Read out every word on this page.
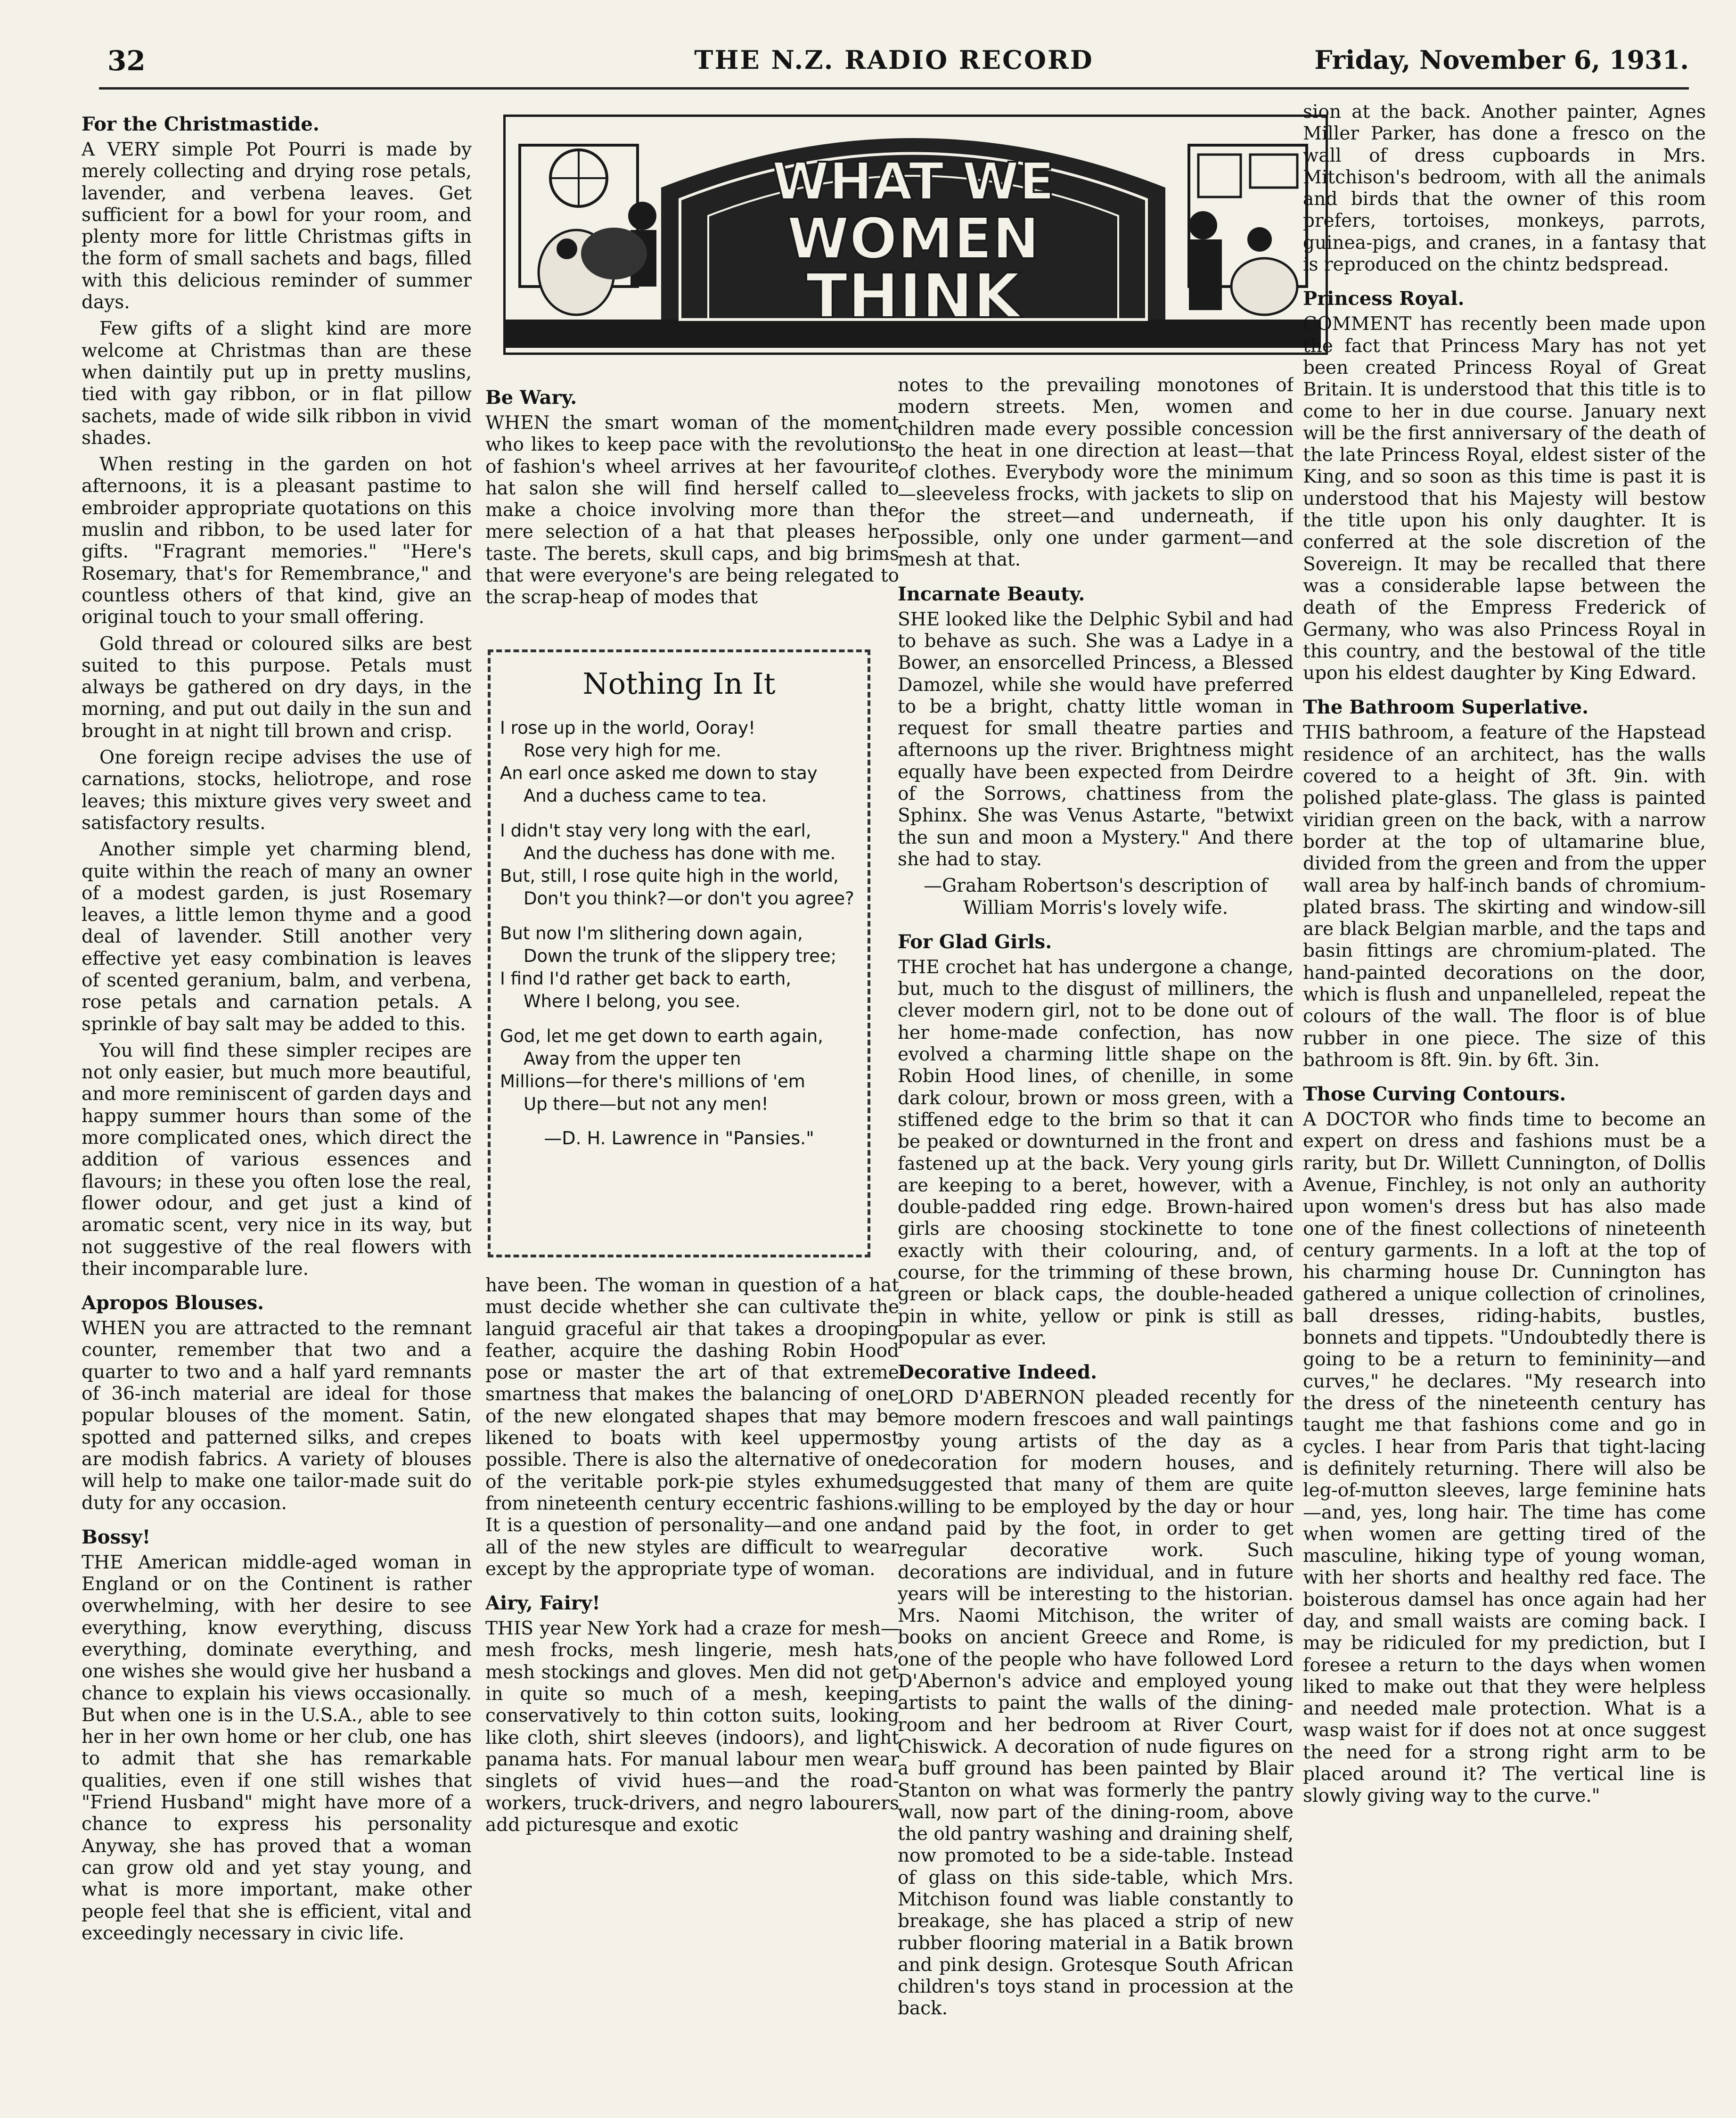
32	THE N.Z. RADIO RECORD	Friday, November 6, 1931.
WHAT WE
WOMEN
THINK
For the Christmastide.

A VERY simple Pot Pourri is made by merely collecting and drying rose petals, lavender, and verbena leaves. Get sufficient for a bowl for your room, and plenty more for little Christmas gifts in the form of small sachets and bags, filled with this delicious reminder of summer days.

Few gifts of a slight kind are more welcome at Christmas than are these when daintily put up in pretty muslins, tied with gay ribbon, or in flat pillow sachets, made of wide silk ribbon in vivid shades.

When resting in the garden on hot afternoons, it is a pleasant pastime to embroider appropriate quotations on this muslin and ribbon, to be used later for gifts. "Fragrant memories." "Here's Rosemary, that's for Remembrance," and countless others of that kind, give an original touch to your small offering.

Gold thread or coloured silks are best suited to this purpose. Petals must always be gathered on dry days, in the morning, and put out daily in the sun and brought in at night till brown and crisp.

One foreign recipe advises the use of carnations, stocks, heliotrope, and rose leaves; this mixture gives very sweet and satisfactory results.

Another simple yet charming blend, quite within the reach of many an owner of a modest garden, is just Rosemary leaves, a little lemon thyme and a good deal of lavender. Still another very effective yet easy combination is leaves of scented geranium, balm, and verbena, rose petals and carnation petals. A sprinkle of bay salt may be added to this.

You will find these simpler recipes are not only easier, but much more beautiful, and more reminiscent of garden days and happy summer hours than some of the more complicated ones, which direct the addition of various essences and flavours; in these you often lose the real, flower odour, and get just a kind of aromatic scent, very nice in its way, but not suggestive of the real flowers with their incomparable lure.

Apropos Blouses.

WHEN you are attracted to the remnant counter, remember that two and a quarter to two and a half yard remnants of 36-inch material are ideal for those popular blouses of the moment. Satin, spotted and patterned silks, and crepes are modish fabrics. A variety of blouses will help to make one tailor-made suit do duty for any occasion.

Bossy!

THE American middle-aged woman in England or on the Continent is rather overwhelming, with her desire to see everything, know everything, discuss everything, dominate everything, and one wishes she would give her husband a chance to explain his views occasionally. But when one is in the U.S.A., able to see her in her own home or her club, one has to admit that she has remarkable qualities, even if one still wishes that "Friend Husband" might have more of a chance to express his personality Anyway, she has proved that a woman can grow old and yet stay young, and what is more important, make other people feel that she is efficient, vital and exceedingly necessary in civic life.

Be Wary.

WHEN the smart woman of the moment who likes to keep pace with the revolutions of fashion's wheel arrives at her favourite hat salon she will find herself called to make a choice involving more than the mere selection of a hat that pleases her taste. The berets, skull caps, and big brims that were everyone's are being relegated to the scrap-heap of modes that

Nothing In It

I rose up in the world, Ooray!

Rose very high for me.

An earl once asked me down to stay

And a duchess came to tea.

I didn't stay very long with the earl,

And the duchess has done with me.

But, still, I rose quite high in the world,

Don't you think?—or don't you agree?

But now I'm slithering down again,

Down the trunk of the slippery tree;

I find I'd rather get back to earth,

Where I belong, you see.

God, let me get down to earth again,

Away from the upper ten

Millions—for there's millions of 'em

Up there—but not any men!

—D. H. Lawrence in "Pansies."

have been. The woman in question of a hat must decide whether she can cultivate the languid graceful air that takes a drooping feather, acquire the dashing Robin Hood pose or master the art of that extreme smartness that makes the balancing of one of the new elongated shapes that may be likened to boats with keel uppermost possible. There is also the alternative of one of the veritable pork-pie styles exhumed from nineteenth century eccentric fashions. It is a question of personality—and one and all of the new styles are difficult to wear except by the appropriate type of woman.

Airy, Fairy!

THIS year New York had a craze for mesh—mesh frocks, mesh lingerie, mesh hats, mesh stockings and gloves. Men did not get in quite so much of a mesh, keeping conservatively to thin cotton suits, looking like cloth, shirt sleeves (indoors), and light panama hats. For manual labour men wear singlets of vivid hues—and the road-workers, truck-drivers, and negro labourers add picturesque and exotic

notes to the prevailing monotones of modern streets. Men, women and children made every possible concession to the heat in one direction at least—that of clothes. Everybody wore the minimum—sleeveless frocks, with jackets to slip on for the street—and underneath, if possible, only one under garment—and mesh at that.

Incarnate Beauty.

SHE looked like the Delphic Sybil and had to behave as such. She was a Ladye in a Bower, an ensorcelled Princess, a Blessed Damozel, while she would have preferred to be a bright, chatty little woman in request for small theatre parties and afternoons up the river. Brightness might equally have been expected from Deirdre of the Sorrows, chattiness from the Sphinx. She was Venus Astarte, "betwixt the sun and moon a Mystery." And there she had to stay.

—Graham Robertson's description of William Morris's lovely wife.

For Glad Girls.

THE crochet hat has undergone a change, but, much to the disgust of milliners, the clever modern girl, not to be done out of her home-made confection, has now evolved a charming little shape on the Robin Hood lines, of chenille, in some dark colour, brown or moss green, with a stiffened edge to the brim so that it can be peaked or downturned in the front and fastened up at the back. Very young girls are keeping to a beret, however, with a double-padded ring edge. Brown-haired girls are choosing stockinette to tone exactly with their colouring, and, of course, for the trimming of these brown, green or black caps, the double-headed pin in white, yellow or pink is still as popular as ever.

Decorative Indeed.

LORD D'ABERNON pleaded recently for more modern frescoes and wall paintings by young artists of the day as a decoration for modern houses, and suggested that many of them are quite willing to be employed by the day or hour and paid by the foot, in order to get regular decorative work. Such decorations are individual, and in future years will be interesting to the historian. Mrs. Naomi Mitchison, the writer of books on ancient Greece and Rome, is one of the people who have followed Lord D'Abernon's advice and employed young artists to paint the walls of the dining-room and her bedroom at River Court, Chiswick. A decoration of nude figures on a buff ground has been painted by Blair Stanton on what was formerly the pantry wall, now part of the dining-room, above the old pantry washing and draining shelf, now promoted to be a side-table. Instead of glass on this side-table, which Mrs. Mitchison found was liable constantly to breakage, she has placed a strip of new rubber flooring material in a Batik brown and pink design. Grotesque South African children's toys stand in procession at the back.

sion at the back. Another painter, Agnes Miller Parker, has done a fresco on the wall of dress cupboards in Mrs. Mitchison's bedroom, with all the animals and birds that the owner of this room prefers, tortoises, monkeys, parrots, guinea-pigs, and cranes, in a fantasy that is reproduced on the chintz bedspread.

Princess Royal.

COMMENT has recently been made upon the fact that Princess Mary has not yet been created Princess Royal of Great Britain. It is understood that this title is to come to her in due course. January next will be the first anniversary of the death of the late Princess Royal, eldest sister of the King, and so soon as this time is past it is understood that his Majesty will bestow the title upon his only daughter. It is conferred at the sole discretion of the Sovereign. It may be recalled that there was a considerable lapse between the death of the Empress Frederick of Germany, who was also Princess Royal in this country, and the bestowal of the title upon his eldest daughter by King Edward.

The Bathroom Superlative.

THIS bathroom, a feature of the Hapstead residence of an architect, has the walls covered to a height of 3ft. 9in. with polished plate-glass. The glass is painted viridian green on the back, with a narrow border at the top of ultamarine blue, divided from the green and from the upper wall area by half-inch bands of chromium-plated brass. The skirting and window-sill are black Belgian marble, and the taps and basin fittings are chromium-plated. The hand-painted decorations on the door, which is flush and unpanelleled, repeat the colours of the wall. The floor is of blue rubber in one piece. The size of this bathroom is 8ft. 9in. by 6ft. 3in.

Those Curving Contours.

A DOCTOR who finds time to become an expert on dress and fashions must be a rarity, but Dr. Willett Cunnington, of Dollis Avenue, Finchley, is not only an authority upon women's dress but has also made one of the finest collections of nineteenth century garments. In a loft at the top of his charming house Dr. Cunnington has gathered a unique collection of crinolines, ball dresses, riding-habits, bustles, bonnets and tippets. "Undoubtedly there is going to be a return to femininity—and curves," he declares. "My research into the dress of the nineteenth century has taught me that fashions come and go in cycles. I hear from Paris that tight-lacing is definitely returning. There will also be leg-of-mutton sleeves, large feminine hats—and, yes, long hair. The time has come when women are getting tired of the masculine, hiking type of young woman, with her shorts and healthy red face. The boisterous damsel has once again had her day, and small waists are coming back. I may be ridiculed for my prediction, but I foresee a return to the days when women liked to make out that they were helpless and needed male protection. What is a wasp waist for if does not at once suggest the need for a strong right arm to be placed around it? The vertical line is slowly giving way to the curve."
